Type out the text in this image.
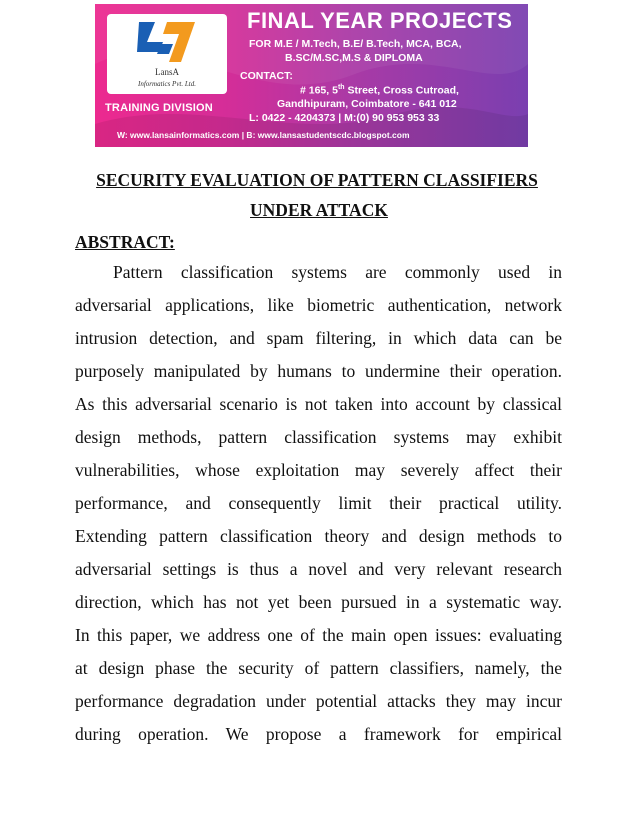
LansA
Informatics Pvt. Ltd.
TRAINING DIVISION
FINAL YEAR PROJECTS
FOR M.E / M.Tech, B.E/ B.Tech, MCA, BCA,
B.SC/M.SC,M.S & DIPLOMA
CONTACT:
# 165, 5th Street, Cross Cutroad,
Gandhipuram, Coimbatore - 641 012
L: 0422 - 4204373 | M:(0) 90 953 953 33
W: www.lansainformatics.com | B: www.lansastudentscdc.blogspot.com
SECURITY EVALUATION OF PATTERN CLASSIFIERS
UNDER ATTACK
ABSTRACT:
Pattern classification systems are commonly used in
adversarial applications, like biometric authentication, network
intrusion detection, and spam filtering, in which data can be
purposely manipulated by humans to undermine their operation.
As this adversarial scenario is not taken into account by classical
design methods, pattern classification systems may exhibit
vulnerabilities, whose exploitation may severely affect their
performance, and consequently limit their practical utility.
Extending pattern classification theory and design methods to
adversarial settings is thus a novel and very relevant research
direction, which has not yet been pursued in a systematic way.
In this paper, we address one of the main open issues: evaluating
at design phase the security of pattern classifiers, namely, the
performance degradation under potential attacks they may incur
during operation. We propose a framework for empirical
